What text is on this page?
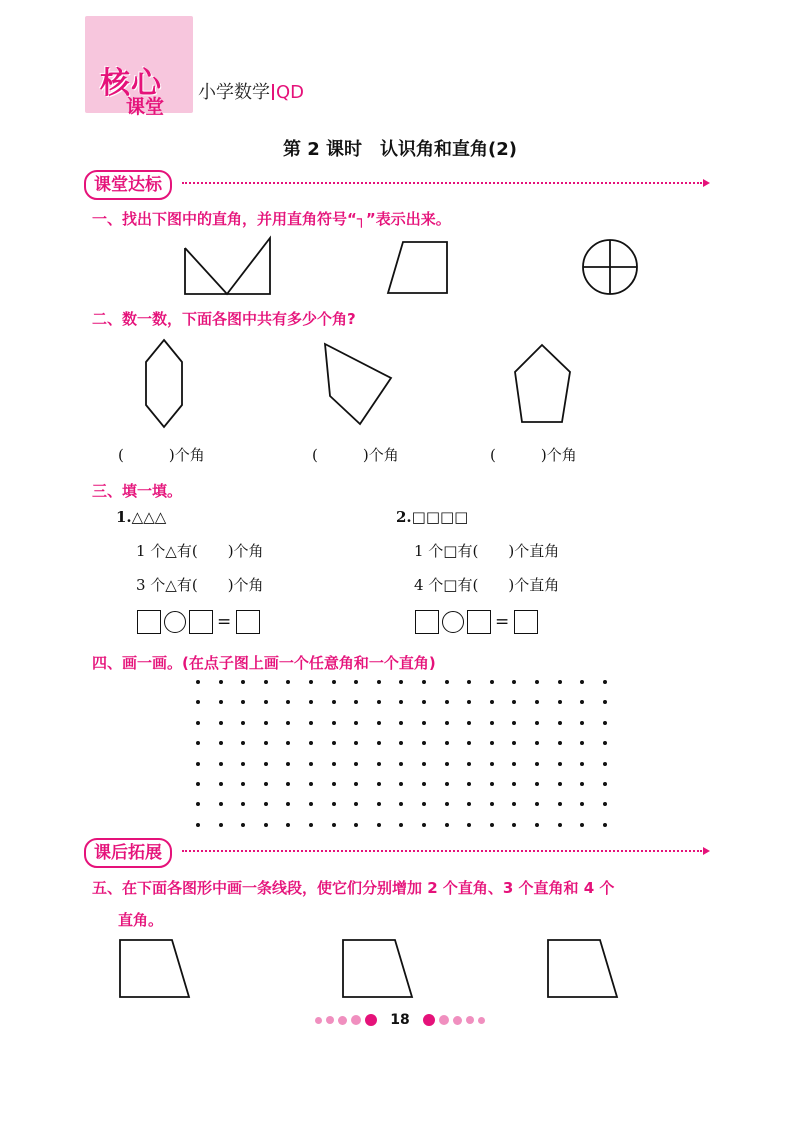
核心
课堂
小学数学 QD
第 2 课时　认识角和直角(2)
课堂达标
一、找出下图中的直角，并用直角符号“┐”表示出来。
二、数一数，下面各图中共有多少个角?
(　　　)个角	(　　　)个角	(　　　)个角
三、填一填。
1.△△△	2.□□□□
1 个△有(　　)个角
3 个△有(　　)个角
1 个□有(　　)个直角
4 个□有(　　)个直角
=	=
四、画一画。(在点子图上画一个任意角和一个直角)
课后拓展
五、在下面各图形中画一条线段，使它们分别增加 2 个直角、3 个直角和 4 个
直角。
18
